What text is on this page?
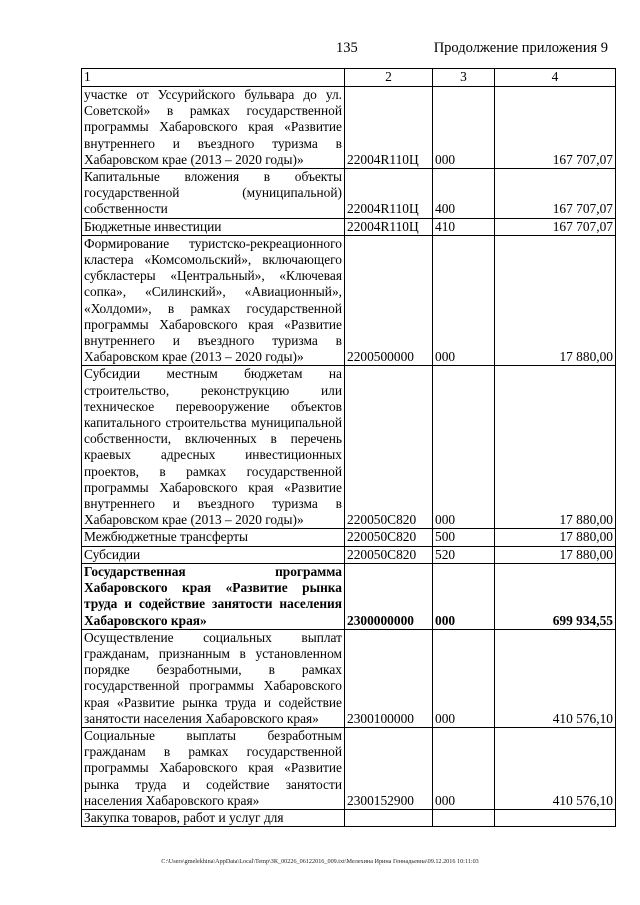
135	Продолжение приложения 9
1	2	3	4
участке от Уссурийского бульвара до ул. Советской» в рамках государственной программы Хабаровского края «Развитие внутреннего и въездного туризма в Хабаровском крае (2013 – 2020 годы)»	22004R110Ц	000	167 707,07
Капитальные вложения в объекты государственной (муниципальной) собственности	22004R110Ц	400	167 707,07
Бюджетные инвестиции	22004R110Ц	410	167 707,07
Формирование туристско-рекреационного кластера «Комсомольский», включающего субкластеры «Центральный», «Ключевая сопка», «Силинский», «Авиационный», «Холдоми», в рамках государственной программы Хабаровского края «Развитие внутреннего и въездного туризма в Хабаровском крае (2013 – 2020 годы)»	2200500000	000	17 880,00
Субсидии местным бюджетам на строительство, реконструкцию или техническое перевооружение объектов капитального строительства муниципальной собственности, включенных в перечень краевых адресных инвестиционных проектов, в рамках государственной программы Хабаровского края «Развитие внутреннего и въездного туризма в Хабаровском крае (2013 – 2020 годы)»	220050С820	000	17 880,00
Межбюджетные трансферты	220050С820	500	17 880,00
Субсидии	220050С820	520	17 880,00
Государственная программа Хабаровского края «Развитие рынка труда и содействие занятости населения Хабаровского края»	2300000000	000	699 934,55
Осуществление социальных выплат гражданам, признанным в установленном порядке безработными, в рамках государственной программы Хабаровского края «Развитие рынка труда и содействие занятости населения Хабаровского края»	2300100000	000	410 576,10
Социальные выплаты безработным гражданам в рамках государственной программы Хабаровского края «Развитие рынка труда и содействие занятости населения Хабаровского края»	2300152900	000	410 576,10
Закупка товаров, работ и услуг для			
C:\Users\gmelekhina\AppData\Local\Temp\ЗК_00226_06122016_009.txt\Мелехина Ирина Геннадьевна\09.12.2016 10:11:03
